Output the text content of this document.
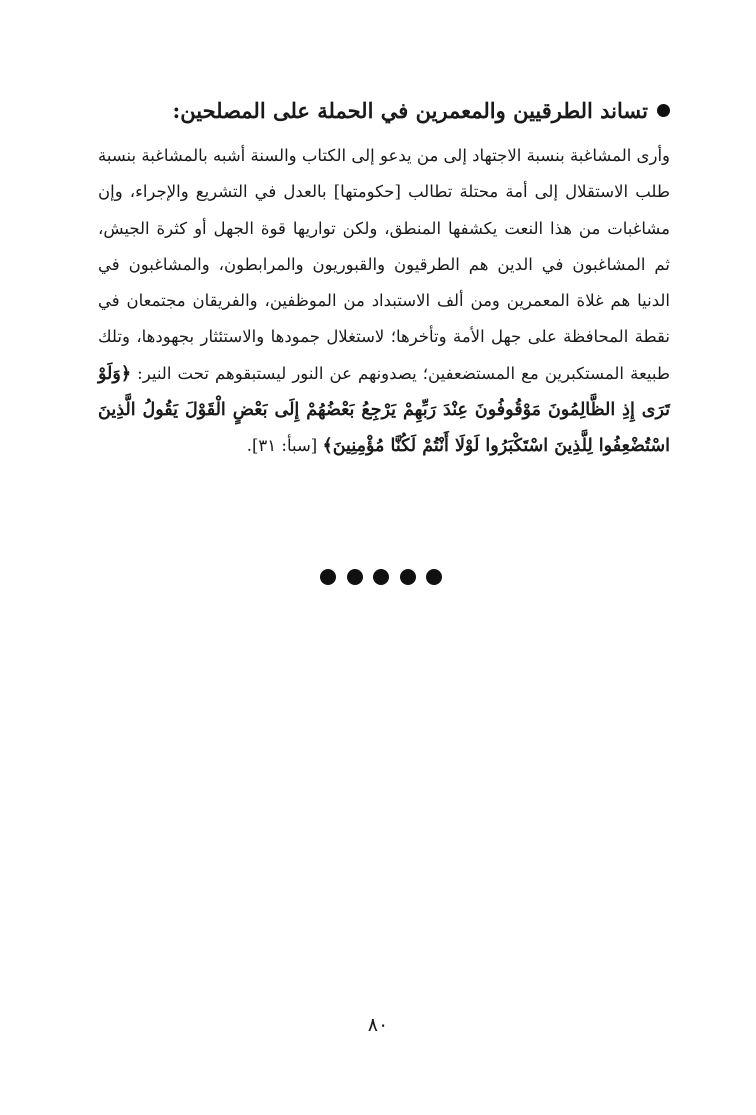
تساند الطرقيين والمعمرين في الحملة على المصلحين:

وأرى المشاغبة بنسبة الاجتهاد إلى من يدعو إلى الكتاب والسنة أشبه بالمشاغبة بنسبة طلب الاستقلال إلى أمة محتلة تطالب [حكومتها] بالعدل في التشريع والإجراء، وإن مشاغبات من هذا النعت يكشفها المنطق، ولكن تواريها قوة الجهل أو كثرة الجيش، ثم المشاغبون في الدين هم الطرقيون والقبوريون والمرابطون، والمشاغبون في الدنيا هم غلاة المعمرين ومن ألف الاستبداد من الموظفين، والفريقان مجتمعان في نقطة المحافظة على جهل الأمة وتأخرها؛ لاستغلال جمودها والاستئثار بجهودها، وتلك طبيعة المستكبرين مع المستضعفين؛ يصدونهم عن النور ليستبقوهم تحت النير: ﴿وَلَوْ تَرَى إِذِ الظَّالِمُونَ مَوْقُوفُونَ عِنْدَ رَبِّهِمْ يَرْجِعُ بَعْضُهُمْ إِلَى بَعْضٍ الْقَوْلَ يَقُولُ الَّذِينَ اسْتُضْعِفُوا لِلَّذِينَ اسْتَكْبَرُوا لَوْلَا أَنْتُمْ لَكُنَّا مُؤْمِنِينَ﴾ [سبأ: ٣١].

٨٠
